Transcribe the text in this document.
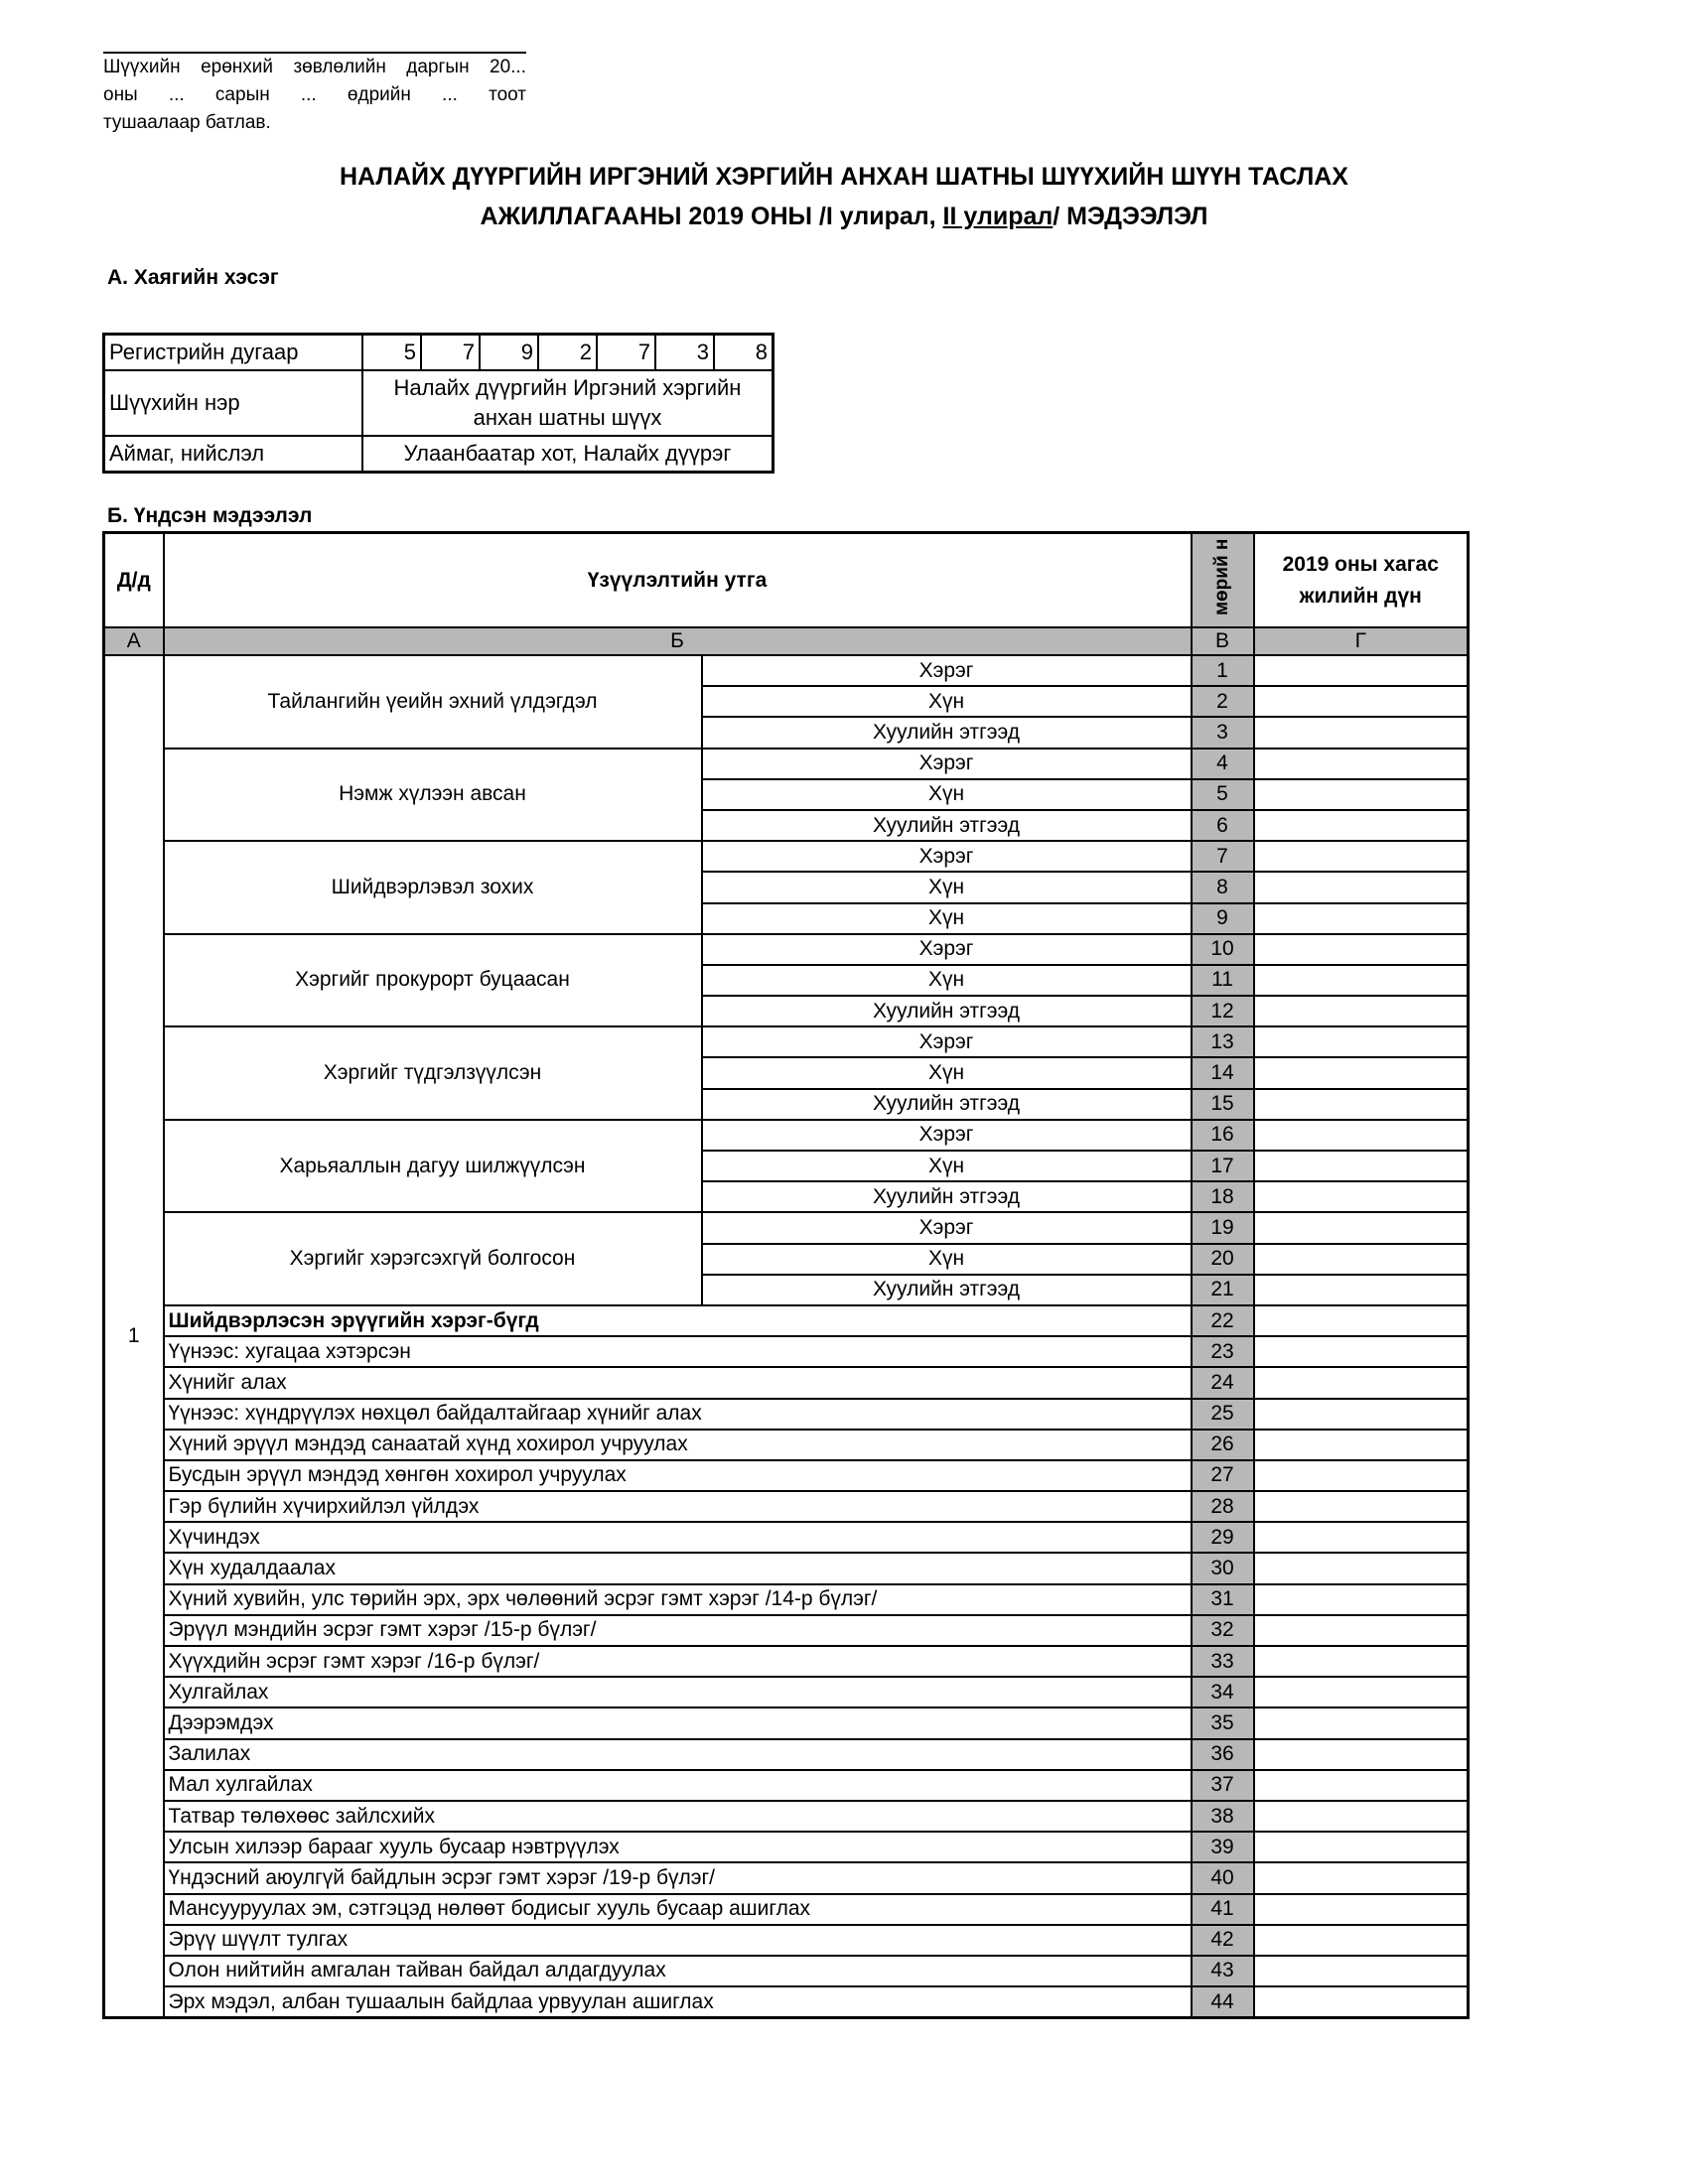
Шүүхийн ерөнхий зөвлөлийн даргын 20...
оны ... сарын ... өдрийн ... тоот
тушаалаар батлав.
НАЛАЙХ ДҮҮРГИЙН ИРГЭНИЙ ХЭРГИЙН АНХАН ШАТНЫ ШҮҮХИЙН ШҮҮН ТАСЛАХ
АЖИЛЛАГААНЫ 2019 ОНЫ /I улирал, II улирал/ МЭДЭЭЛЭЛ
А. Хаягийн хэсэг
Регистрийн дугаар	5	7	9	2	7	3	8
Шүүхийн нэр	Налайх дүүргийн Иргэний хэргийн анхан шатны шүүх						
Аймаг, нийслэл	Улаанбаатар хот, Налайх дүүрэг						
Б. Үндсэн мэдээлэл
Д/д	Үзүүлэлтийн утга		мөрий н	2019 оны хагас жилийн дүн
А	Б		В	Г
1	Тайлангийн үеийн эхний үлдэгдэл	Хэрэг	1	
		Хүн	2	
		Хуулийн этгээд	3	
	Нэмж хүлээн авсан	Хэрэг	4	
		Хүн	5	
		Хуулийн этгээд	6	
	Шийдвэрлэвэл зохих	Хэрэг	7	
		Хүн	8	
		Хүн	9	
	Хэргийг прокурорт буцаасан	Хэрэг	10	
		Хүн	11	
		Хуулийн этгээд	12	
	Хэргийг түдгэлзүүлсэн	Хэрэг	13	
		Хүн	14	
		Хуулийн этгээд	15	
	Харьяаллын дагуу шилжүүлсэн	Хэрэг	16	
		Хүн	17	
		Хуулийн этгээд	18	
	Хэргийг хэрэгсэхгүй болгосон	Хэрэг	19	
		Хүн	20	
		Хуулийн этгээд	21	
	Шийдвэрлэсэн эрүүгийн хэрэг-бүгд		22	
	Үүнээс: хугацаа хэтэрсэн		23	
	Хүнийг алах		24	
	Үүнээс: хүндрүүлэх нөхцөл байдалтайгаар хүнийг алах		25	
	Хүний эрүүл мэндэд санаатай хүнд хохирол учруулах		26	
	Бусдын эрүүл мэндэд хөнгөн хохирол учруулах		27	
	Гэр бүлийн хүчирхийлэл үйлдэх		28	
	Хүчиндэх		29	
	Хүн худалдаалах		30	
	Хүний хувийн, улс төрийн эрх, эрх чөлөөний эсрэг гэмт хэрэг /14-р бүлэг/		31	
	Эрүүл мэндийн эсрэг гэмт хэрэг /15-р бүлэг/		32	
	Хүүхдийн эсрэг гэмт хэрэг /16-р бүлэг/		33	
	Хулгайлах		34	
	Дээрэмдэх		35	
	Залилах		36	
	Мал хулгайлах		37	
	Татвар төлөхөөс зайлсхийх		38	
	Улсын хилээр барааг хууль бусаар нэвтрүүлэх		39	
	Үндэсний аюулгүй байдлын эсрэг гэмт хэрэг /19-р бүлэг/		40	
	Мансууруулах эм, сэтгэцэд нөлөөт бодисыг хууль бусаар ашиглах		41	
	Эрүү шүүлт тулгах		42	
	Олон нийтийн амгалан тайван байдал алдагдуулах		43	
	Эрх мэдэл, албан тушаалын байдлаа урвуулан ашиглах		44	
